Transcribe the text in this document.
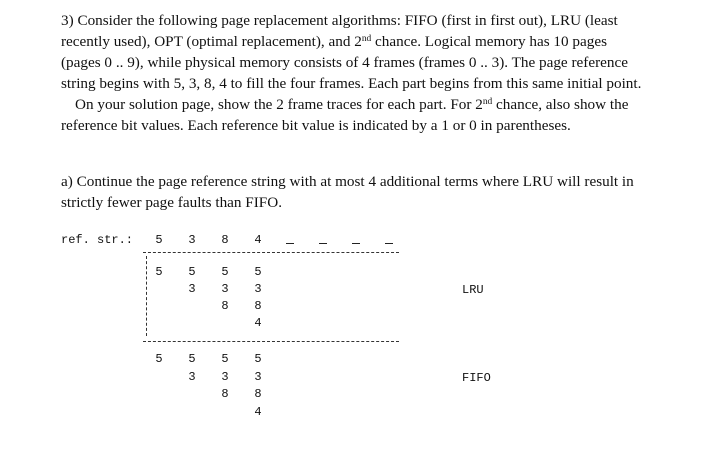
3) Consider the following page replacement algorithms: FIFO (first in first out), LRU (least
recently used), OPT (optimal replacement), and 2nd chance. Logical memory has 10 pages
(pages 0 .. 9), while physical memory consists of 4 frames (frames 0 .. 3). The page reference
string begins with 5, 3, 8, 4 to fill the four frames. Each part begins from this same initial point.
On your solution page, show the 2 frame traces for each part. For 2nd chance, also show the
reference bit values. Each reference bit value is indicated by a 1 or 0 in parentheses.
a) Continue the page reference string with at most 4 additional terms where LRU will result in
strictly fewer page faults than FIFO.
ref. str.: 5 3 8 4
5 5
3
5
3
8
5
3
8
4
LRU
5 5
3
5
3
8
5
3
8
4
FIFO
